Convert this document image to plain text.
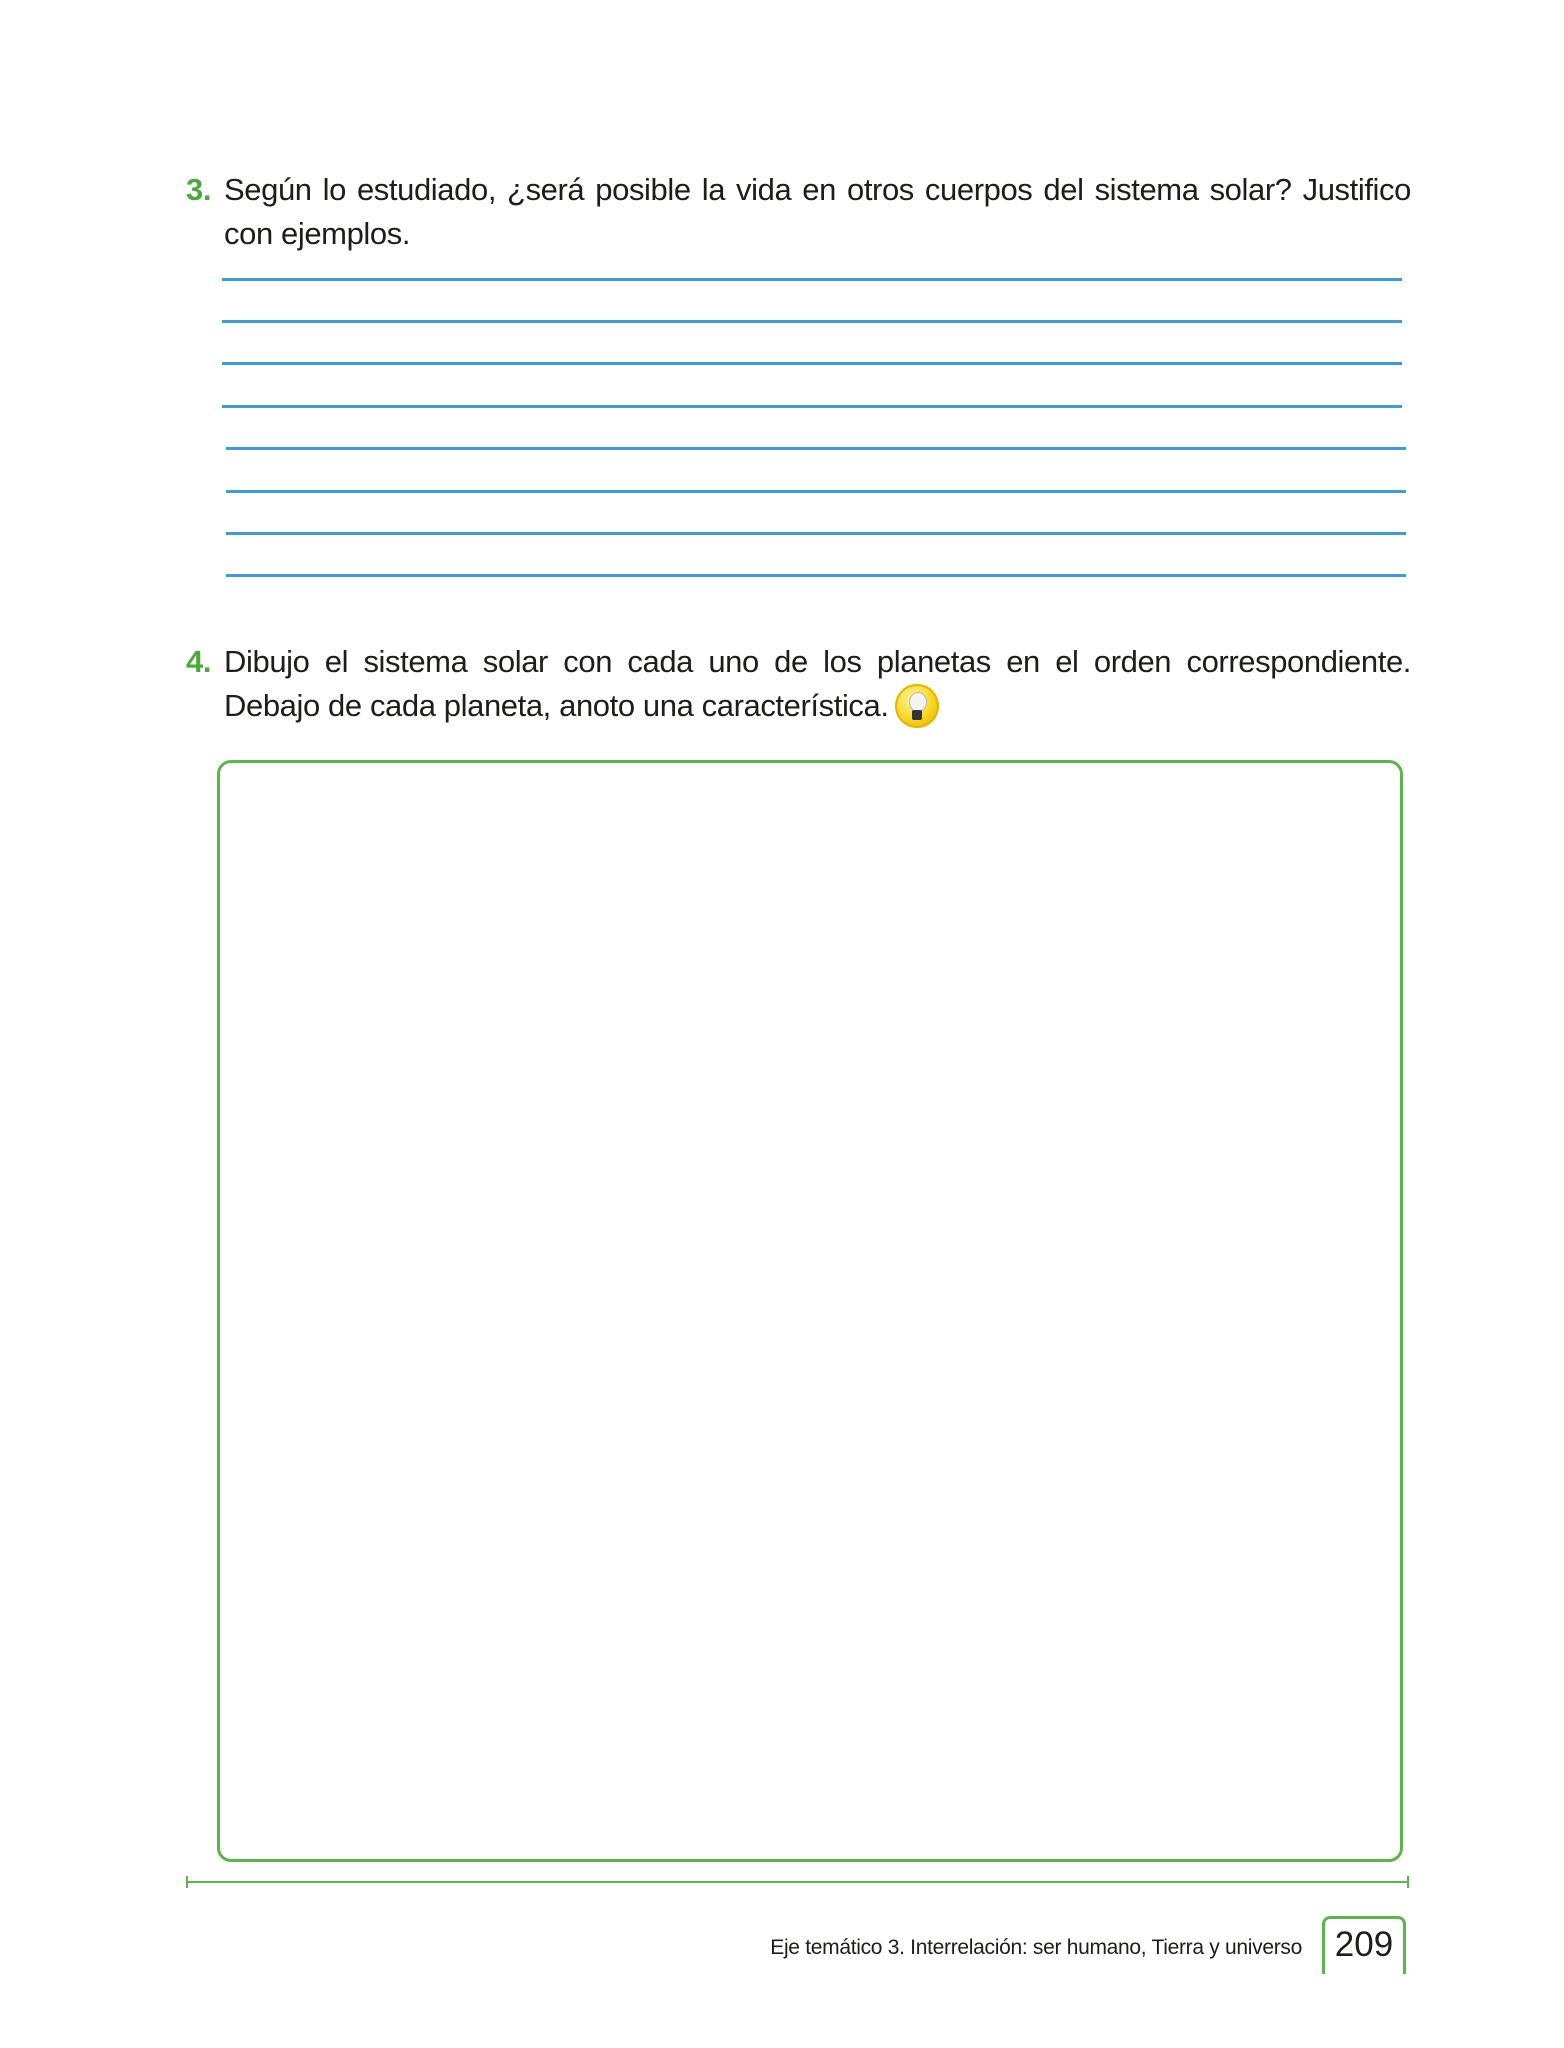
3. Según lo estudiado, ¿será posible la vida en otros cuerpos del sistema solar? Justifico con ejemplos.
4. Dibujo el sistema solar con cada uno de los planetas en el orden correspondiente. Debajo de cada planeta, anoto una característica.
Eje temático 3. Interrelación: ser humano, Tierra y universo 209
